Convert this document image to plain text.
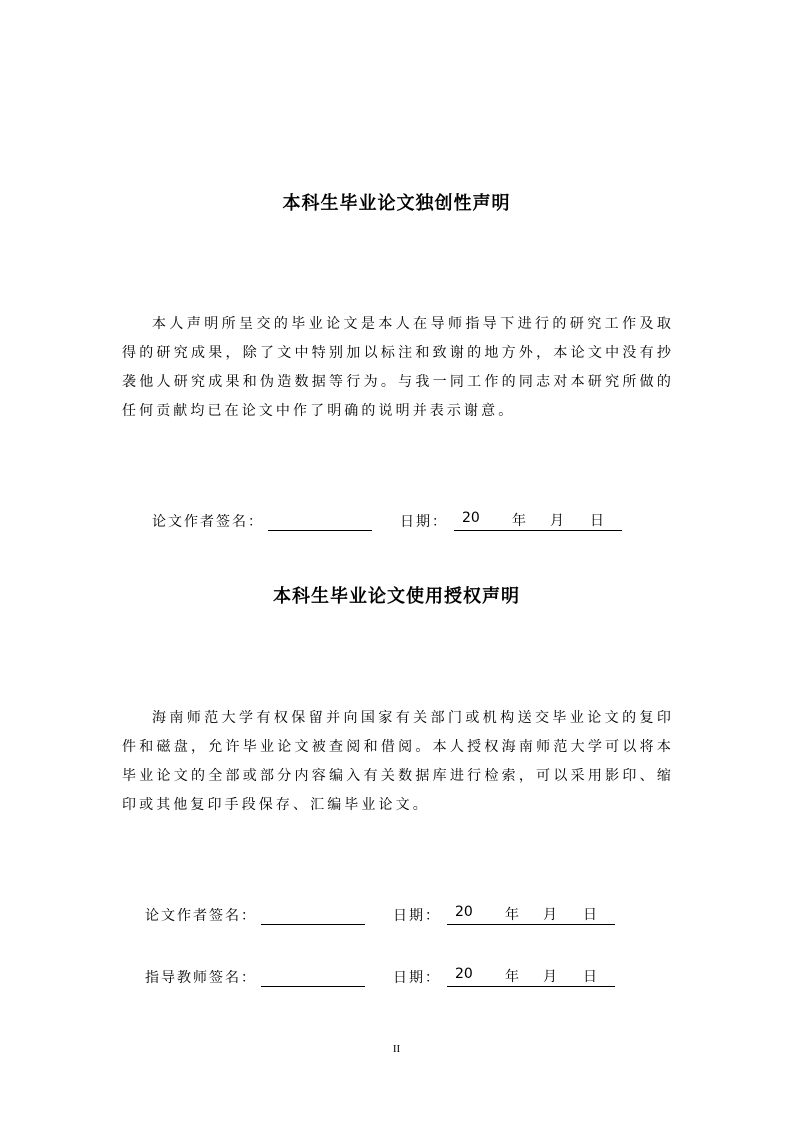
本科生毕业论文独创性声明
本人声明所呈交的毕业论文是本人在导师指导下进行的研究工作及取得的研究成果，除了文中特别加以标注和致谢的地方外，本论文中没有抄袭他人研究成果和伪造数据等行为。与我一同工作的同志对本研究所做的任何贡献均已在论文中作了明确的说明并表示谢意。
论文作者签名：	日期： 20	年	月	日
本科生毕业论文使用授权声明
海南师范大学有权保留并向国家有关部门或机构送交毕业论文的复印件和磁盘，允许毕业论文被查阅和借阅。本人授权海南师范大学可以将本毕业论文的全部或部分内容编入有关数据库进行检索，可以采用影印、缩印或其他复印手段保存、汇编毕业论文。
论文作者签名：	日期： 20	年	月	日
指导教师签名：	日期： 20	年	月	日
II
